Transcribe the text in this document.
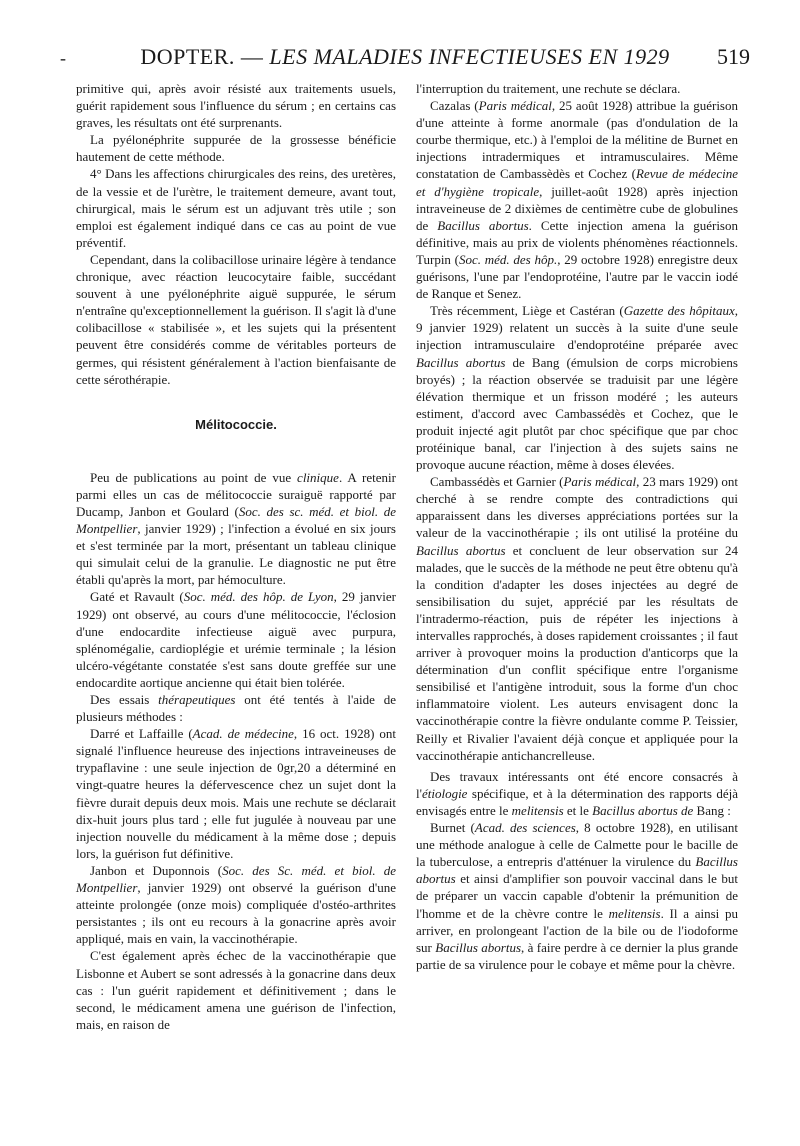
-	DOPTER. — LES MALADIES INFECTIEUSES EN 1929	519

primitive qui, après avoir résisté aux traitements usuels, guérit rapidement sous l'influence du sérum ; en certains cas graves, les résultats ont été surprenants.

La pyélonéphrite suppurée de la grossesse bénéficie hautement de cette méthode.

4° Dans les affections chirurgicales des reins, des uretères, de la vessie et de l'urètre, le traitement demeure, avant tout, chirurgical, mais le sérum est un adjuvant très utile ; son emploi est également indiqué dans ce cas au point de vue préventif.

Cependant, dans la colibacillose urinaire légère à tendance chronique, avec réaction leucocytaire faible, succédant souvent à une pyélonéphrite aiguë suppurée, le sérum n'entraîne qu'exceptionnellement la guérison. Il s'agit là d'une colibacillose « stabilisée », et les sujets qui la présentent peuvent être considérés comme de véritables porteurs de germes, qui résistent généralement à l'action bienfaisante de cette sérothérapie.

Mélitococcie.

Peu de publications au point de vue clinique. A retenir parmi elles un cas de mélitococcie suraiguë rapporté par Ducamp, Janbon et Goulard (Soc. des sc. méd. et biol. de Montpellier, janvier 1929) ; l'infection a évolué en six jours et s'est terminée par la mort, présentant un tableau clinique qui simulait celui de la granulie. Le diagnostic ne put être établi qu'après la mort, par hémoculture.

Gaté et Ravault (Soc. méd. des hôp. de Lyon, 29 janvier 1929) ont observé, au cours d'une mélitococcie, l'éclosion d'une endocardite infectieuse aiguë avec purpura, splénomégalie, cardioplégie et urémie terminale ; la lésion ulcéro-végétante constatée s'est sans doute greffée sur une endocardite aortique ancienne qui était bien tolérée.

Des essais thérapeutiques ont été tentés à l'aide de plusieurs méthodes :

Darré et Laffaille (Acad. de médecine, 16 oct. 1928) ont signalé l'influence heureuse des injections intraveineuses de trypaflavine : une seule injection de 0gr,20 a déterminé en vingt-quatre heures la défervescence chez un sujet dont la fièvre durait depuis deux mois. Mais une rechute se déclarait dix-huit jours plus tard ; elle fut jugulée à nouveau par une injection nouvelle du médicament à la même dose ; depuis lors, la guérison fut définitive.

Janbon et Duponnois (Soc. des Sc. méd. et biol. de Montpellier, janvier 1929) ont observé la guérison d'une atteinte prolongée (onze mois) compliquée d'ostéo-arthrites persistantes ; ils ont eu recours à la gonacrine après avoir appliqué, mais en vain, la vaccinothérapie.

C'est également après échec de la vaccinothérapie que Lisbonne et Aubert se sont adressés à la gonacrine dans deux cas : l'un guérit rapidement et définitivement ; dans le second, le médicament amena une guérison de l'infection, mais, en raison de

l'interruption du traitement, une rechute se déclara.

Cazalas (Paris médical, 25 août 1928) attribue la guérison d'une atteinte à forme anormale (pas d'ondulation de la courbe thermique, etc.) à l'emploi de la mélitine de Burnet en injections intradermiques et intramusculaires. Même constatation de Cambassèdès et Cochez (Revue de médecine et d'hygiène tropicale, juillet-août 1928) après injection intraveineuse de 2 dixièmes de centimètre cube de globulines de Bacillus abortus. Cette injection amena la guérison définitive, mais au prix de violents phénomènes réactionnels. Turpin (Soc. méd. des hôp., 29 octobre 1928) enregistre deux guérisons, l'une par l'endoprotéine, l'autre par le vaccin iodé de Ranque et Senez.

Très récemment, Liège et Castéran (Gazette des hôpitaux, 9 janvier 1929) relatent un succès à la suite d'une seule injection intramusculaire d'endoprotéine préparée avec Bacillus abortus de Bang (émulsion de corps microbiens broyés) ; la réaction observée se traduisit par une légère élévation thermique et un frisson modéré ; les auteurs estiment, d'accord avec Cambassédès et Cochez, que le produit injecté agit plutôt par choc spécifique que par choc protéinique banal, car l'injection à des sujets sains ne provoque aucune réaction, même à doses élevées.

Cambassédès et Garnier (Paris médical, 23 mars 1929) ont cherché à se rendre compte des contradictions qui apparaissent dans les diverses appréciations portées sur la valeur de la vaccinothérapie ; ils ont utilisé la protéine du Bacillus abortus et concluent de leur observation sur 24 malades, que le succès de la méthode ne peut être obtenu qu'à la condition d'adapter les doses injectées au degré de sensibilisation du sujet, apprécié par les résultats de l'intradermo-réaction, puis de répéter les injections à intervalles rapprochés, à doses rapidement croissantes ; il faut arriver à provoquer moins la production d'anticorps que la détermination d'un conflit spécifique entre l'organisme sensibilisé et l'antigène introduit, sous la forme d'un choc inflammatoire violent. Les auteurs envisagent donc la vaccinothérapie contre la fièvre ondulante comme P. Teissier, Reilly et Rivalier l'avaient déjà conçue et appliquée pour la vaccinothérapie antichancrelleuse.

Des travaux intéressants ont été encore consacrés à l'étiologie spécifique, et à la détermination des rapports déjà envisagés entre le melitensis et le Bacillus abortus de Bang :

Burnet (Acad. des sciences, 8 octobre 1928), en utilisant une méthode analogue à celle de Calmette pour le bacille de la tuberculose, a entrepris d'atténuer la virulence du Bacillus abortus et ainsi d'amplifier son pouvoir vaccinal dans le but de préparer un vaccin capable d'obtenir la prémunition de l'homme et de la chèvre contre le melitensis. Il a ainsi pu arriver, en prolongeant l'action de la bile ou de l'iodoforme sur Bacillus abortus, à faire perdre à ce dernier la plus grande partie de sa virulence pour le cobaye et même pour la chèvre.
